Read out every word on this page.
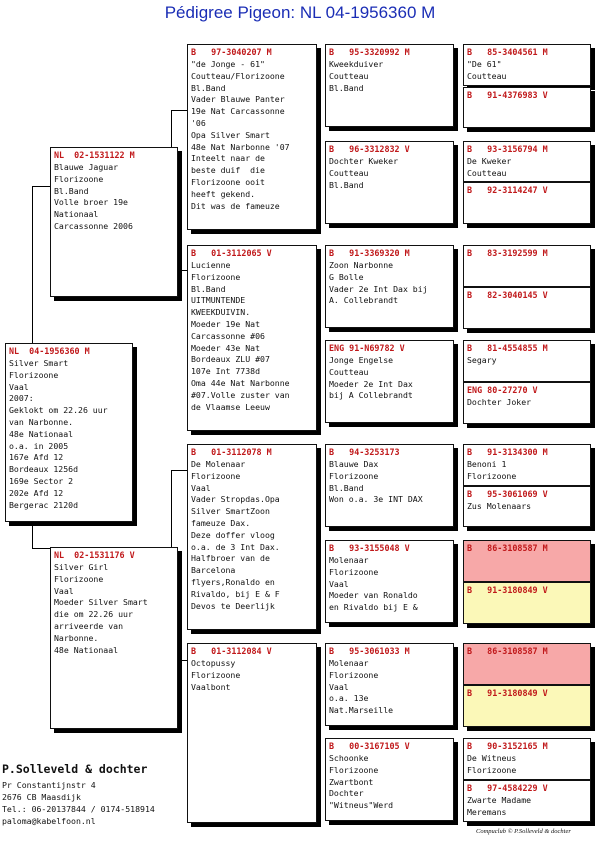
Pédigree Pigeon: NL 04-1956360 M
NL  04-1956360 M
Silver Smart
Florizoone
Vaal
2007:
Geklokt om 22.26 uur
van Narbonne.
48e Nationaal
o.a. in 2005
167e Afd 12
Bordeaux 1256d
169e Sector 2
202e Afd 12
Bergerac 2120d
NL  02-1531122 M
Blauwe Jaguar
Florizoone
Bl.Band
Volle broer 19e
Nationaal
Carcassonne 2006
NL  02-1531176 V
Silver Girl
Florizoone
Vaal
Moeder Silver Smart
die om 22.26 uur
arriveerde van
Narbonne.
48e Nationaal
B   97-3040207 M
"de Jonge - 61"
Coutteau/Florizoone
Bl.Band
Vader Blauwe Panter
19e Nat Carcassonne
'06
Opa Silver Smart
48e Nat Narbonne '07
Inteelt naar de
beste duif  die
Florizoone ooit
heeft gekend.
Dit was de fameuze
B   01-3112065 V
Lucienne
Florizoone
Bl.Band
UITMUNTENDE
KWEEKDUIVIN.
Moeder 19e Nat
Carcassonne #06
Moeder 43e Nat
Bordeaux ZLU #07
107e Int 7738d
Oma 44e Nat Narbonne
#07.Volle zuster van
de Vlaamse Leeuw
B   01-3112078 M
De Molenaar
Florizoone
Vaal
Vader Stropdas.Opa
Silver SmartZoon
fameuze Dax.
Deze doffer vloog
o.a. de 3 Int Dax.
Halfbroer van de
Barcelona
flyers,Ronaldo en
Rivaldo, bij E & F
Devos te Deerlijk
B   01-3112084 V
Octopussy
Florizoone
Vaalbont
B   95-3320992 M
Kweekduiver
Coutteau
Bl.Band
B   96-3312832 V
Dochter Kweker
Coutteau
Bl.Band
B   91-3369320 M
Zoon Narbonne
G Bolle
Vader 2e Int Dax bij
A. Collebrandt
ENG 91-N69782 V
Jonge Engelse
Coutteau
Moeder 2e Int Dax
bij A Collebrandt
B   94-3253173
Blauwe Dax
Florizoone
Bl.Band
Won o.a. 3e INT DAX
B   93-3155048 V
Molenaar
Florizoone
Vaal
Moeder van Ronaldo
en Rivaldo bij E &
B   95-3061033 M
Molenaar
Florizoone
Vaal
o.a. 13e
Nat.Marseille
B   00-3167105 V
Schoonke
Florizoone
Zwartbont
Dochter
"Witneus"Werd
B   85-3404561 M
"De 61"
Coutteau
B   91-4376983 V
B   93-3156794 M
De Kweker
Coutteau
B   92-3114247 V
B   83-3192599 M
B   82-3040145 V
B   81-4554855 M
Segary
ENG 80-27270 V
Dochter Joker
B   91-3134300 M
Benoni 1
Florizoone
B   95-3061069 V
Zus Molenaars
B   86-3108587 M
B   91-3180849 V
B   86-3108587 M
B   91-3180849 V
B   90-3152165 M
De Witneus
Florizoone
B   97-4584229 V
Zwarte Madame
Meremans
P.Solleveld & dochter
Pr Constantijnstr 4
2676 CB Maasdijk
Tel.: 06-20137844 / 0174-518914
paloma@kabelfoon.nl
Compuclub © P.Solleveld & dochter
